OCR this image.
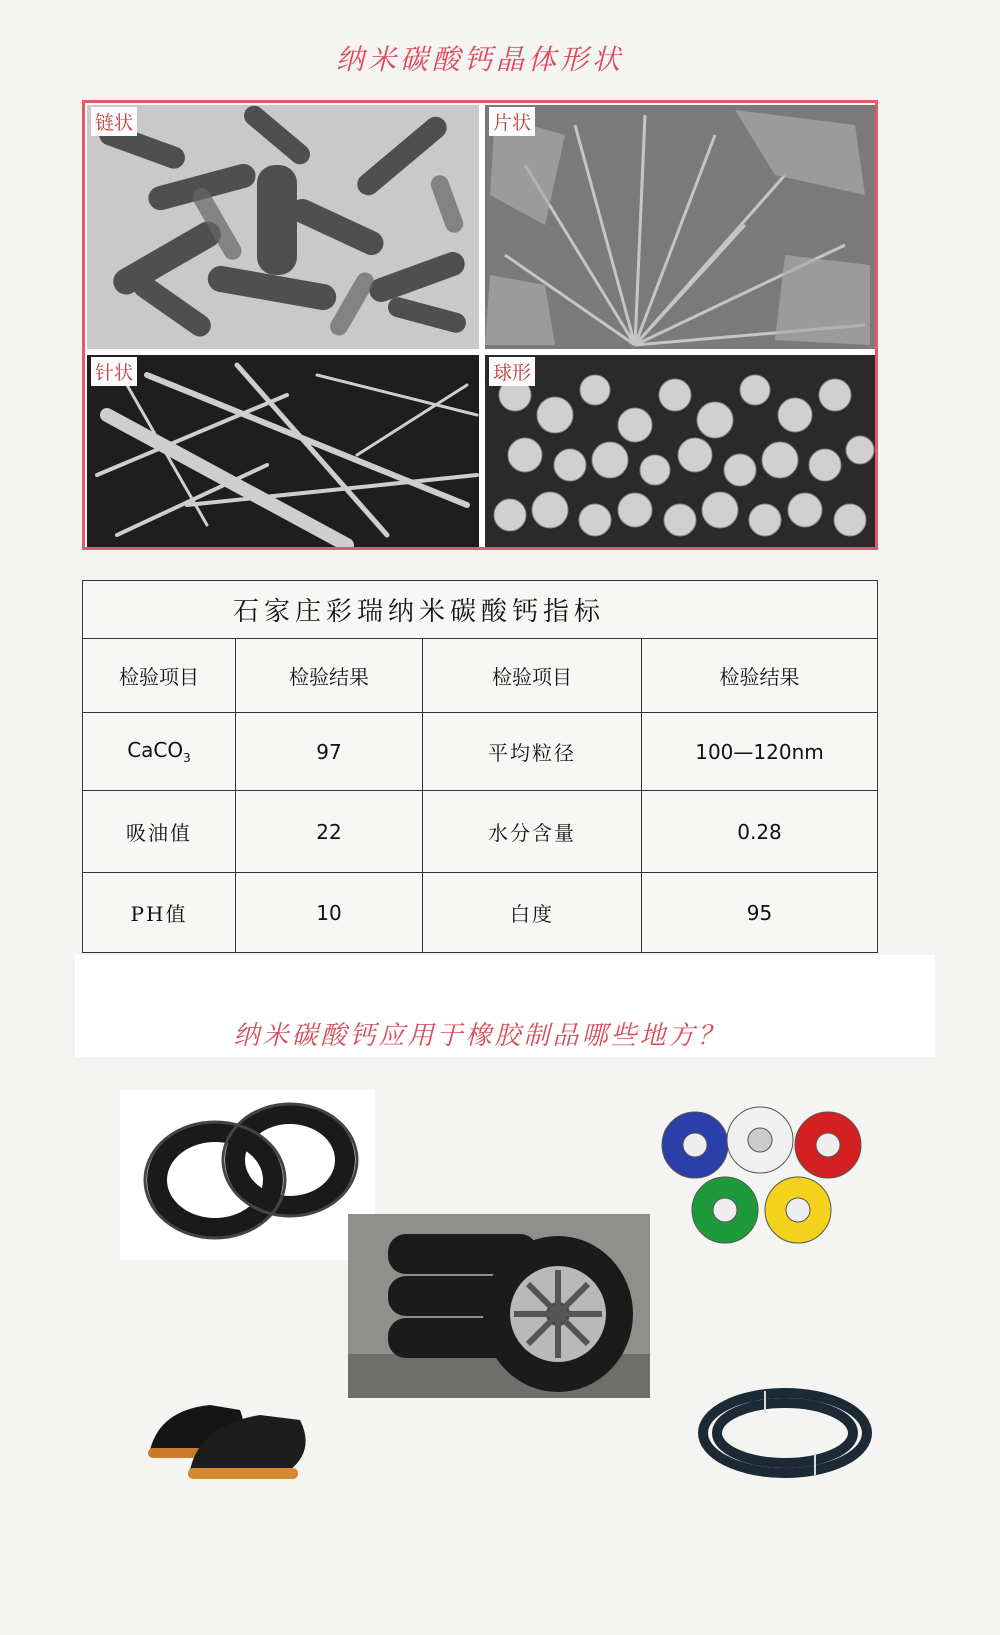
纳米碳酸钙晶体形状
链状	片状
针状	球形
石家庄彩瑞纳米碳酸钙指标			
检验项目	检验结果	检验项目	检验结果
CaCO$_3$	97	平均粒径	100—120nm
吸油值	22	水分含量	0.28
PH值	10	白度	95
纳米碳酸钙应用于橡胶制品哪些地方？
